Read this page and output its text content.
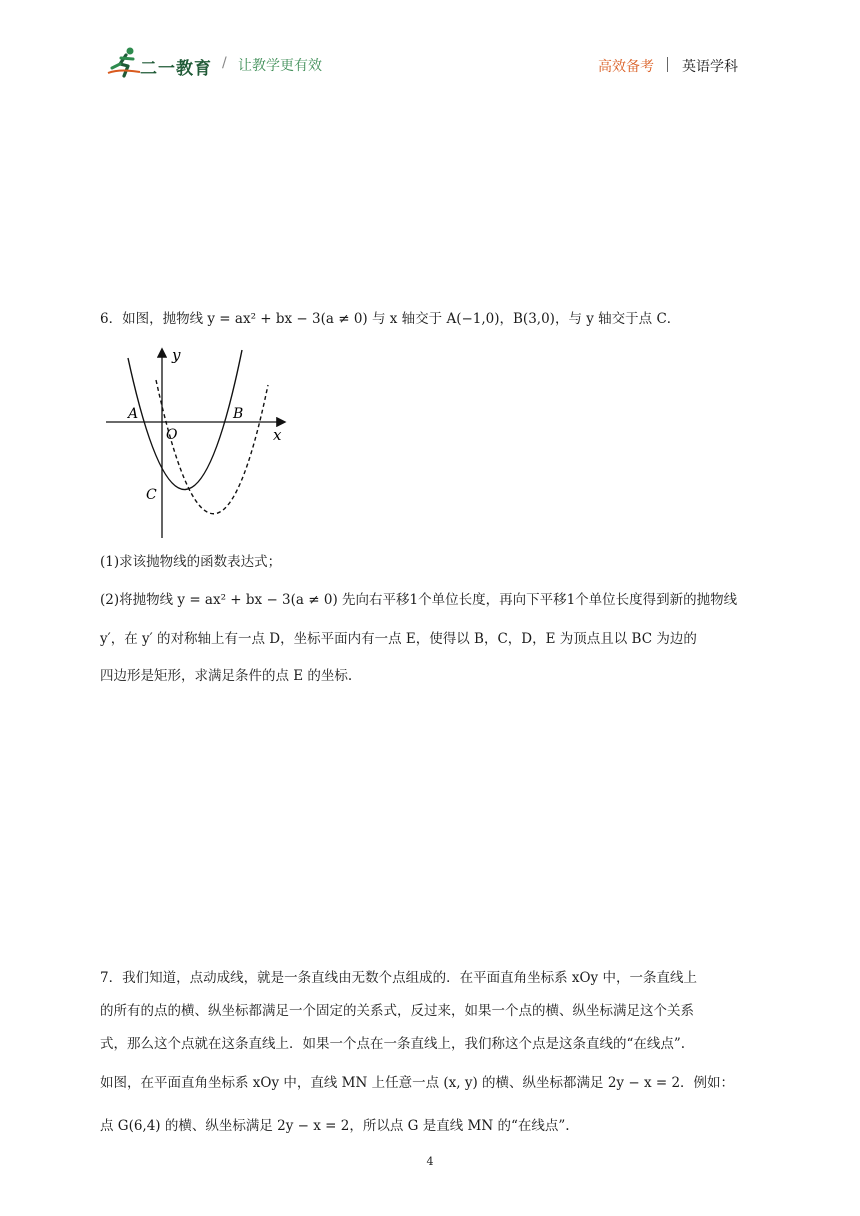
二一教育 / 让教学更有效	高效备考 英语学科
6．如图，抛物线 y = ax² + bx − 3(a ≠ 0) 与 x 轴交于 A(−1,0)，B(3,0)，与 y 轴交于点 C．
y
x
O
A	B
C
(1)求该抛物线的函数表达式；
(2)将抛物线 y = ax² + bx − 3(a ≠ 0) 先向右平移1个单位长度，再向下平移1个单位长度得到新的抛物线
y′，在 y′ 的对称轴上有一点 D，坐标平面内有一点 E，使得以 B，C，D，E 为顶点且以 BC 为边的
四边形是矩形，求满足条件的点 E 的坐标.
7．我们知道，点动成线，就是一条直线由无数个点组成的．在平面直角坐标系 xOy 中，一条直线上
的所有的点的横、纵坐标都满足一个固定的关系式，反过来，如果一个点的横、纵坐标满足这个关系
式，那么这个点就在这条直线上．如果一个点在一条直线上，我们称这个点是这条直线的“在线点”.
如图，在平面直角坐标系 xOy 中，直线 MN 上任意一点 (x, y) 的横、纵坐标都满足 2y − x = 2．例如：
点 G(6,4) 的横、纵坐标满足 2y − x = 2，所以点 G 是直线 MN 的“在线点”.
4
